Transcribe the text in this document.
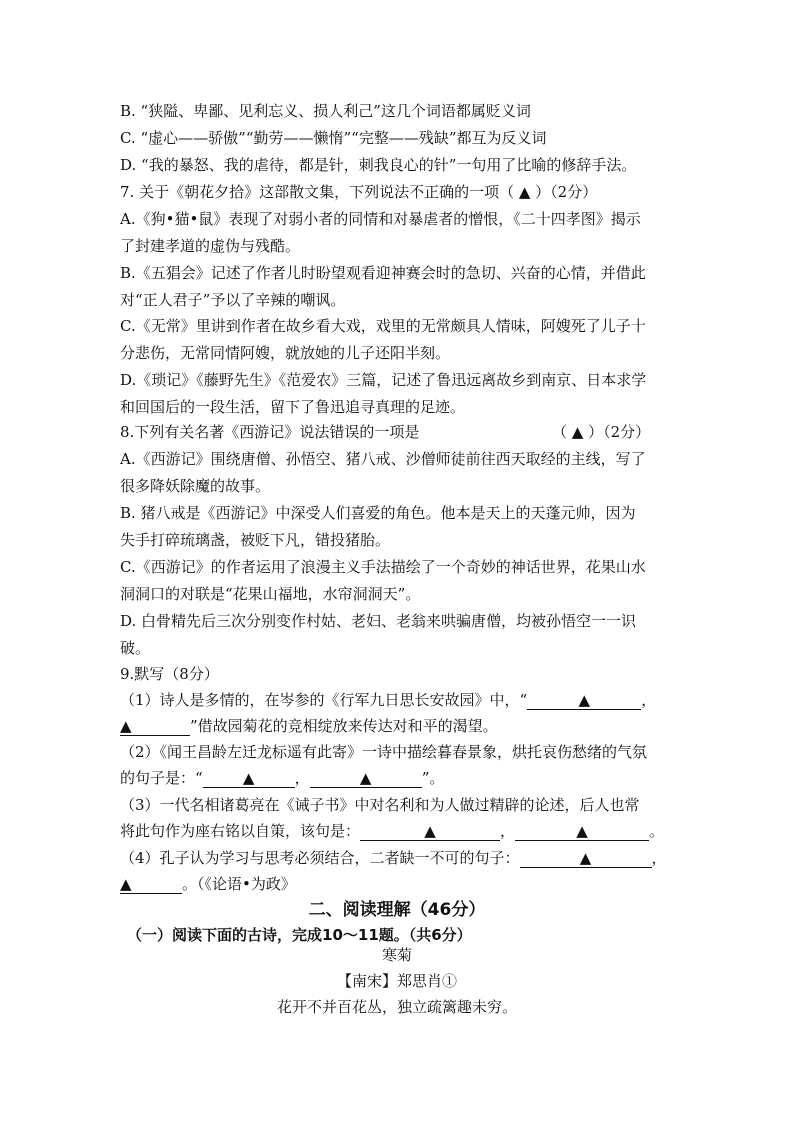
B. “狭隘、卑鄙、见利忘义、损人利己”这几个词语都属贬义词
C. “虚心——骄傲”“勤劳——懒惰”“完整——残缺”都互为反义词
D. “我的暴怒、我的虐待，都是针，刺我良心的针”一句用了比喻的修辞手法。
7. 关于《朝花夕拾》这部散文集，下列说法不正确的一项（ ▲ ）（2分）
A.《狗•猫•鼠》表现了对弱小者的同情和对暴虐者的憎恨，《二十四孝图》揭示
了封建孝道的虚伪与残酷。
B.《五猖会》记述了作者儿时盼望观看迎神赛会时的急切、兴奋的心情，并借此
对“正人君子”予以了辛辣的嘲讽。
C.《无常》里讲到作者在故乡看大戏，戏里的无常颇具人情味，阿嫂死了儿子十
分悲伤，无常同情阿嫂，就放她的儿子还阳半刻。
D.《琐记》《藤野先生》《范爱农》三篇，记述了鲁迅远离故乡到南京、日本求学
和回国后的一段生活，留下了鲁迅追寻真理的足迹。
8.下列有关名著《西游记》说法错误的一项是	（ ▲ ）（2分）
A.《西游记》围绕唐僧、孙悟空、猪八戒、沙僧师徒前往西天取经的主线，写了
很多降妖除魔的故事。
B. 猪八戒是《西游记》中深受人们喜爱的角色。他本是天上的天蓬元帅，因为
失手打碎琉璃盏，被贬下凡，错投猪胎。
C.《西游记》的作者运用了浪漫主义手法描绘了一个奇妙的神话世界，花果山水
洞洞口的对联是“花果山福地，水帘洞洞天”。
D. 白骨精先后三次分别变作村姑、老妇、老翁来哄骗唐僧，均被孙悟空一一识
破。
9.默写（8分）
（1）诗人是多情的，在岑参的《行军九日思长安故园》中，“	▲	，
▲	”借故园菊花的竞相绽放来传达对和平的渴望。
（2）《闻王昌龄左迁龙标遥有此寄》一诗中描绘暮春景象，烘托哀伤愁绪的气氛
的句子是：“	▲	，	▲	”。
（3）一代名相诸葛亮在《诫子书》中对名利和为人做过精辟的论述，后人也常
将此句作为座右铭以自策，该句是：	▲	，	▲	。
（4）孔子认为学习与思考必须结合，二者缺一不可的句子：	▲	，
▲	。（《论语•为政》
二、阅读理解（46分）
（一）阅读下面的古诗，完成10～11题。（共6分）
寒菊
【南宋】郑思肖①
花开不并百花丛，独立疏篱趣未穷。
